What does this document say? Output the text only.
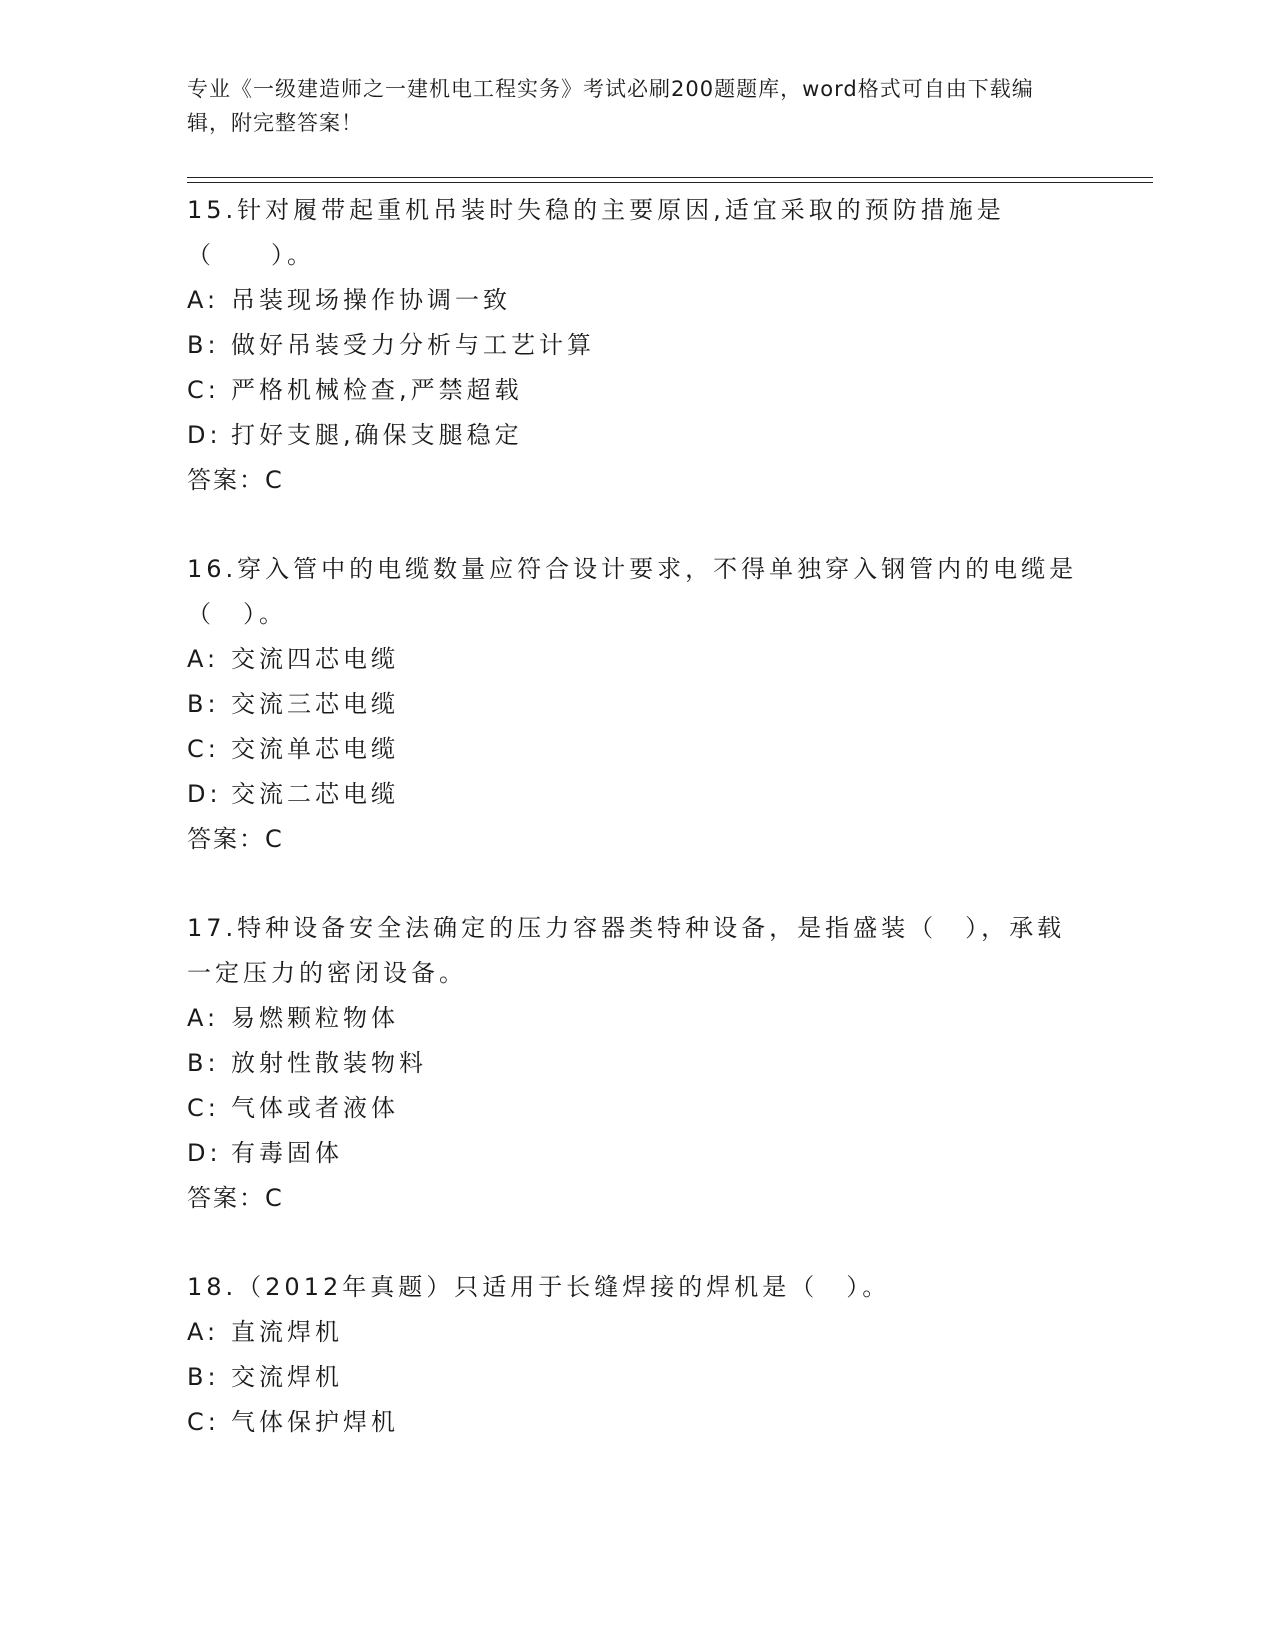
专业《一级建造师之一建机电工程实务》考试必刷200题题库，word格式可自由下载编辑，附完整答案！
15.针对履带起重机吊装时失稳的主要原因,适宜采取的预防措施是（　　）。
A: 吊装现场操作协调一致
B: 做好吊装受力分析与工艺计算
C: 严格机械检查,严禁超载
D: 打好支腿,确保支腿稳定
答案：C
16.穿入管中的电缆数量应符合设计要求，不得单独穿入钢管内的电缆是（　）。
A: 交流四芯电缆
B: 交流三芯电缆
C: 交流单芯电缆
D: 交流二芯电缆
答案：C
17.特种设备安全法确定的压力容器类特种设备，是指盛装（　），承载一定压力的密闭设备。
A: 易燃颗粒物体
B: 放射性散装物料
C: 气体或者液体
D: 有毒固体
答案：C
18.（2012年真题）只适用于长缝焊接的焊机是（　）。
A: 直流焊机
B: 交流焊机
C: 气体保护焊机
